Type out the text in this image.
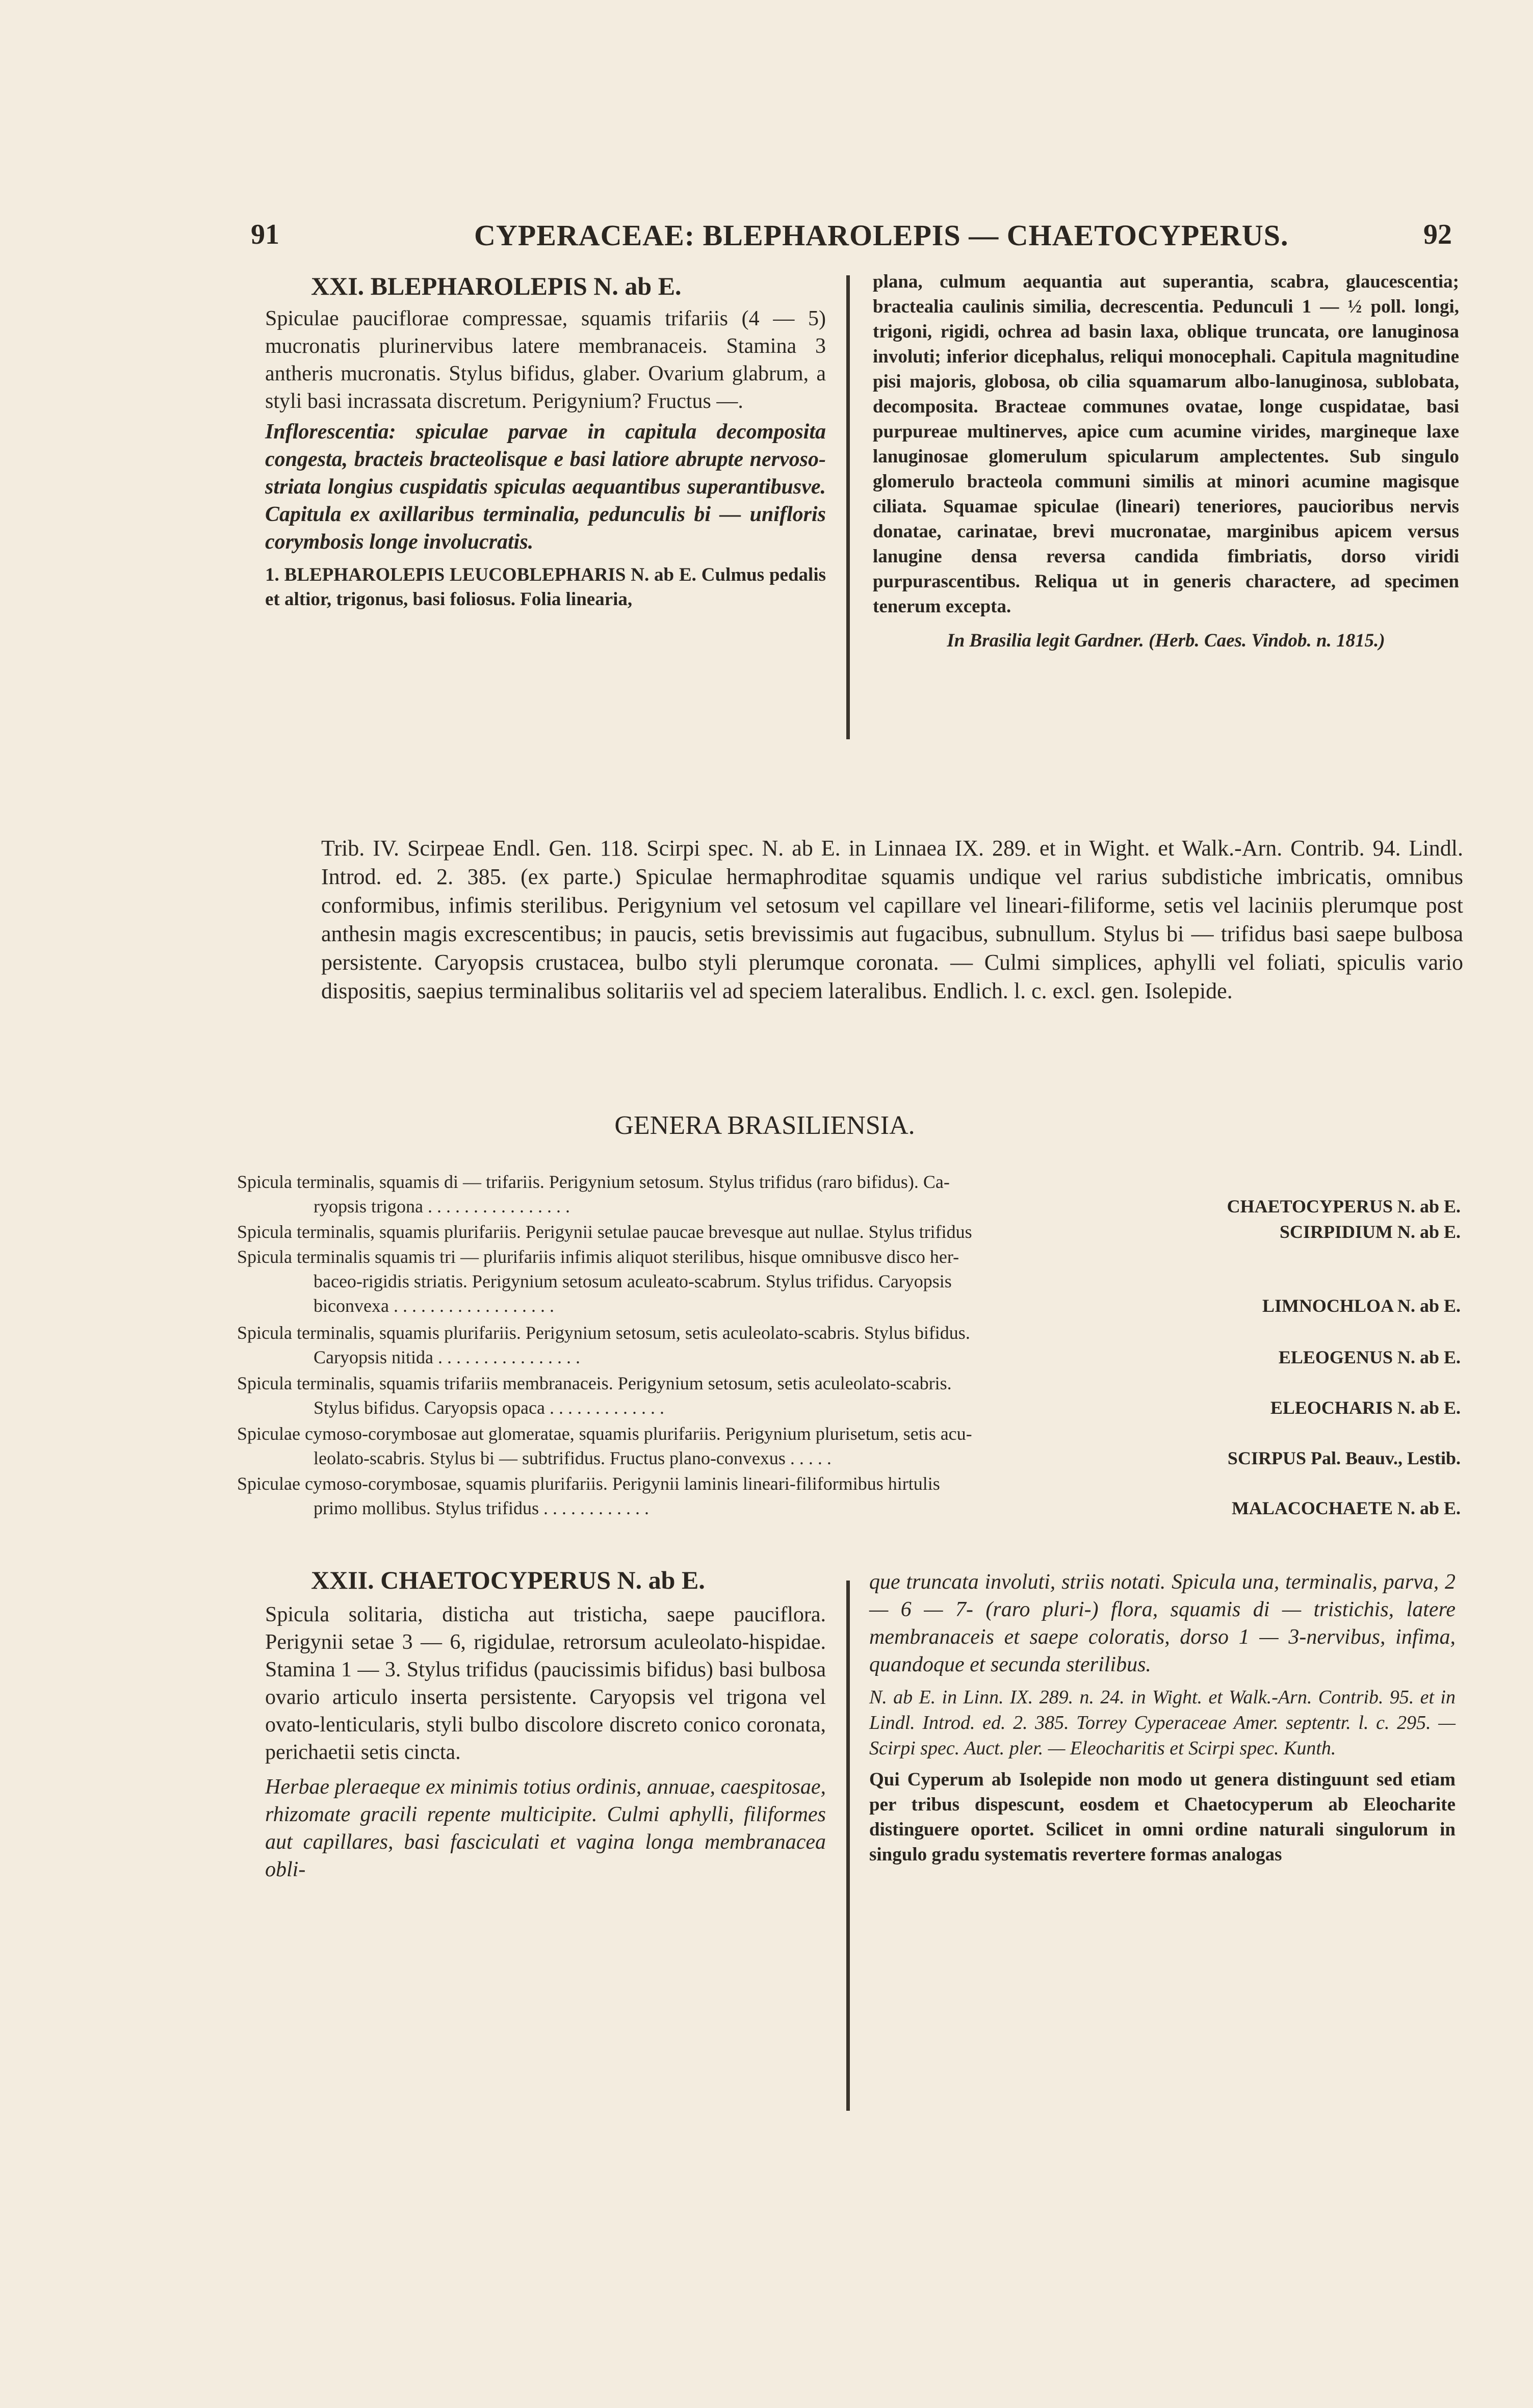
91	CYPERACEAE: BLEPHAROLEPIS — CHAETOCYPERUS.	92
XXI. BLEPHAROLEPIS N. ab E.

Spiculae pauciflorae compressae, squamis trifariis (4 — 5) mucronatis plurinervibus latere membranaceis. Stamina 3 antheris mucronatis. Stylus bifidus, glaber. Ovarium glabrum, a styli basi incrassata discretum. Perigynium? Fructus —.

Inflorescentia: spiculae parvae in capitula decomposita congesta, bracteis bracteolisque e basi latiore abrupte nervoso-striata longius cuspidatis spiculas aequantibus superantibusve. Capitula ex axillaribus terminalia, pedunculis bi — unifloris corymbosis longe involucratis.

1. BLEPHAROLEPIS LEUCOBLEPHARIS N. ab E. Culmus pedalis et altior, trigonus, basi foliosus. Folia linearia,

plana, culmum aequantia aut superantia, scabra, glaucescentia; bractealia caulinis similia, decrescentia. Pedunculi 1 — ½ poll. longi, trigoni, rigidi, ochrea ad basin laxa, oblique truncata, ore lanuginosa involuti; inferior dicephalus, reliqui monocephali. Capitula magnitudine pisi majoris, globosa, ob cilia squamarum albo-lanuginosa, sublobata, decomposita. Bracteae communes ovatae, longe cuspidatae, basi purpureae multinerves, apice cum acumine virides, margineque laxe lanuginosae glomerulum spicularum amplectentes. Sub singulo glomerulo bracteola communi similis at minori acumine magisque ciliata. Squamae spiculae (lineari) teneriores, paucioribus nervis donatae, carinatae, brevi mucronatae, marginibus apicem versus lanugine densa reversa candida fimbriatis, dorso viridi purpurascentibus. Reliqua ut in generis charactere, ad specimen tenerum excepta.

In Brasilia legit Gardner. (Herb. Caes. Vindob. n. 1815.)

Trib. IV. Scirpeae Endl. Gen. 118. Scirpi spec. N. ab E. in Linnaea IX. 289. et in Wight. et Walk.-Arn. Contrib. 94. Lindl. Introd. ed. 2. 385. (ex parte.) Spiculae hermaphroditae squamis undique vel rarius subdistiche imbricatis, omnibus conformibus, infimis sterilibus. Perigynium vel setosum vel capillare vel lineari-filiforme, setis vel laciniis plerumque post anthesin magis excrescentibus; in paucis, setis brevissimis aut fugacibus, subnullum. Stylus bi — trifidus basi saepe bulbosa persistente. Caryopsis crustacea, bulbo styli plerumque coronata. — Culmi simplices, aphylli vel foliati, spiculis vario dispositis, saepius terminalibus solitariis vel ad speciem lateralibus. Endlich. l. c. excl. gen. Isolepide.
GENERA BRASILIENSIA.
Spicula terminalis, squamis di — trifariis. Perigynium setosum. Stylus trifidus (raro bifidus). Ca-
ryopsis trigona . . . . . . . . . . . . . . . .	CHAETOCYPERUS N. ab E.
Spicula terminalis, squamis plurifariis. Perigynii setulae paucae brevesque aut nullae. Stylus trifidus	SCIRPIDIUM N. ab E.
Spicula terminalis squamis tri — plurifariis infimis aliquot sterilibus, hisque omnibusve disco her-
baceo-rigidis striatis. Perigynium setosum aculeato-scabrum. Stylus trifidus. Caryopsis
biconvexa . . . . . . . . . . . . . . . . . .	LIMNOCHLOA N. ab E.
Spicula terminalis, squamis plurifariis. Perigynium setosum, setis aculeolato-scabris. Stylus bifidus.
Caryopsis nitida . . . . . . . . . . . . . . . .	ELEOGENUS N. ab E.
Spicula terminalis, squamis trifariis membranaceis. Perigynium setosum, setis aculeolato-scabris.
Stylus bifidus. Caryopsis opaca . . . . . . . . . . . . .	ELEOCHARIS N. ab E.
Spiculae cymoso-corymbosae aut glomeratae, squamis plurifariis. Perigynium plurisetum, setis acu-
leolato-scabris. Stylus bi — subtrifidus. Fructus plano-convexus . . . . .	SCIRPUS Pal. Beauv., Lestib.
Spiculae cymoso-corymbosae, squamis plurifariis. Perigynii laminis lineari-filiformibus hirtulis
primo mollibus. Stylus trifidus . . . . . . . . . . . .	MALACOCHAETE N. ab E.
XXII. CHAETOCYPERUS N. ab E.

Spicula solitaria, disticha aut tristicha, saepe pauciflora. Perigynii setae 3 — 6, rigidulae, retrorsum aculeolato-hispidae. Stamina 1 — 3. Stylus trifidus (paucissimis bifidus) basi bulbosa ovario articulo inserta persistente. Caryopsis vel trigona vel ovato-lenticularis, styli bulbo discolore discreto conico coronata, perichaetii setis cincta.

Herbae pleraeque ex minimis totius ordinis, annuae, caespitosae, rhizomate gracili repente multicipite. Culmi aphylli, filiformes aut capillares, basi fasciculati et vagina longa membranacea obli-

que truncata involuti, striis notati. Spicula una, terminalis, parva, 2 — 6 — 7- (raro pluri-) flora, squamis di — tristichis, latere membranaceis et saepe coloratis, dorso 1 — 3-nervibus, infima, quandoque et secunda sterilibus.

N. ab E. in Linn. IX. 289. n. 24. in Wight. et Walk.-Arn. Contrib. 95. et in Lindl. Introd. ed. 2. 385. Torrey Cyperaceae Amer. septentr. l. c. 295. — Scirpi spec. Auct. pler. — Eleocharitis et Scirpi spec. Kunth.

Qui Cyperum ab Isolepide non modo ut genera distinguunt sed etiam per tribus dispescunt, eosdem et Chaetocyperum ab Eleocharite distinguere oportet. Scilicet in omni ordine naturali singulorum in singulo gradu systematis revertere formas analogas
